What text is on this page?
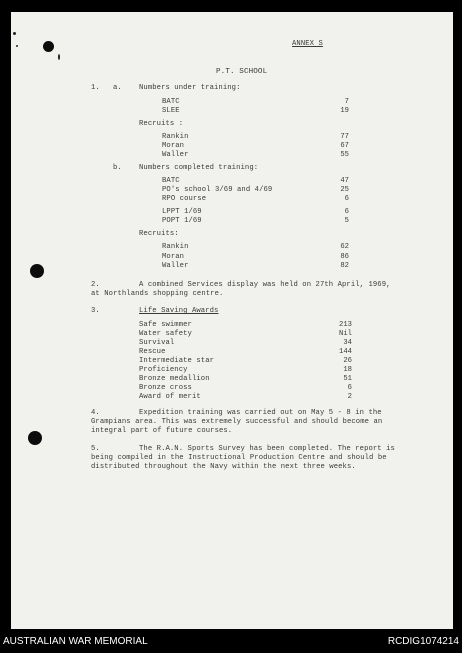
ANNEX S
P.T. SCHOOL
1. a. Numbers under training:
BATC	7
SLEE	19
Recruits :
Rankin	77
Moran	67
Waller	55
b. Numbers completed training:
BATC	47
PO's school 3/69 and 4/69	25
RPO course	6
LPPT 1/69	6
POPT 1/69	5
Recruits:
Rankin	62
Moran	86
Waller	82
2.	A combined Services display was held on 27th April, 1969,
at Northlands shopping centre.
3.	Life Saving Awards
Safe swimmer	213
Water safety	Nil
Survival	34
Rescue	144
Intermediate star	26
Proficiency	18
Bronze medallion	51
Bronze cross	6
Award of merit	2
4.	Expedition training was carried out on May 5 - 8 in the
Grampians area. This was extremely successful and should become an
integral part of future courses.
5.	The R.A.N. Sports Survey has been completed. The report is
being compiled in the Instructional Production Centre and should be
distributed throughout the Navy within the next three weeks.
AUSTRALIAN WAR MEMORIAL	RCDIG1074214
